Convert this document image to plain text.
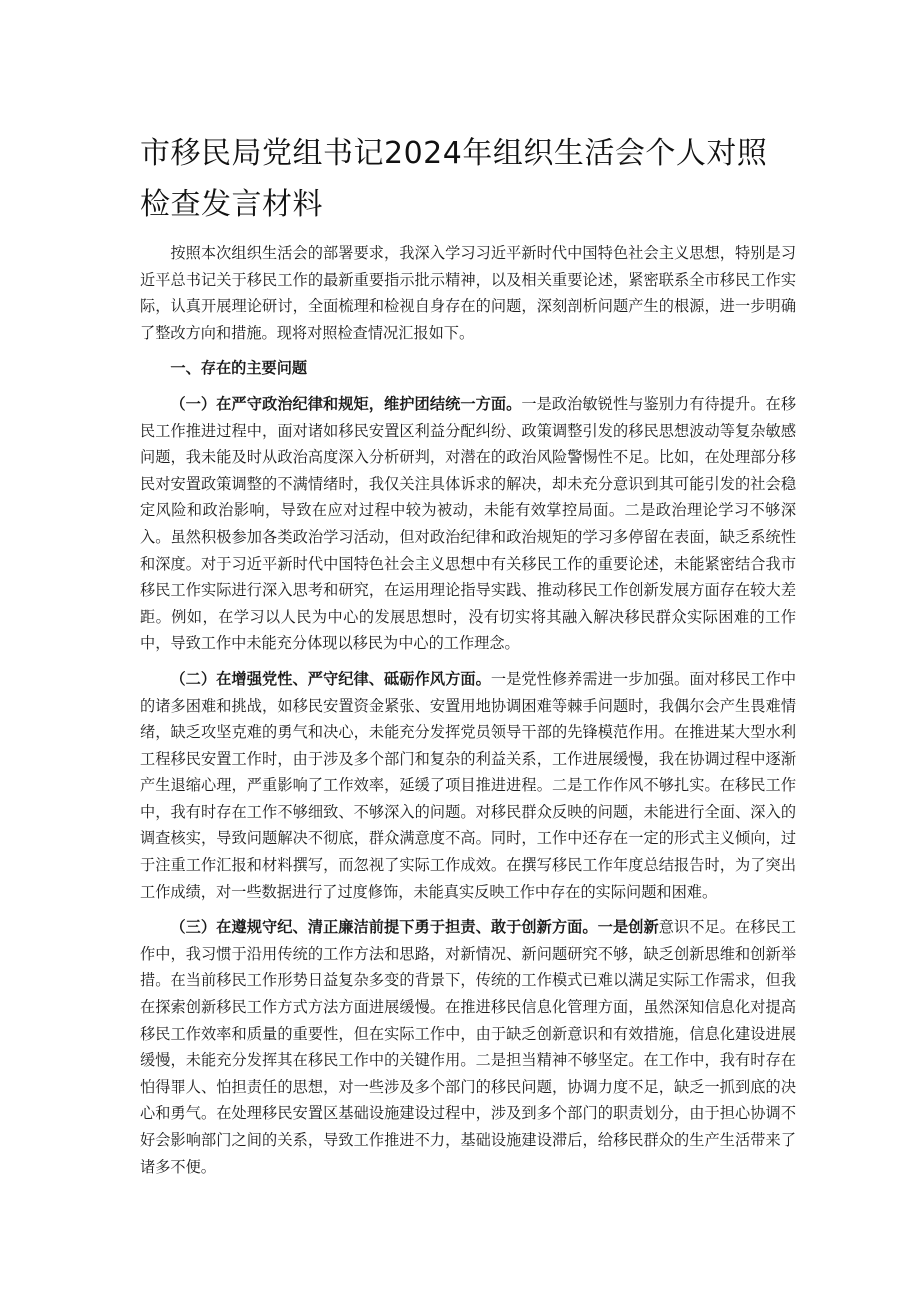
市移民局党组书记2024年组织生活会个人对照检查发言材料

按照本次组织生活会的部署要求，我深入学习习近平新时代中国特色社会主义思想，特别是习近平总书记关于移民工作的最新重要指示批示精神，以及相关重要论述，紧密联系全市移民工作实际，认真开展理论研讨，全面梳理和检视自身存在的问题，深刻剖析问题产生的根源，进一步明确了整改方向和措施。现将对照检查情况汇报如下。

一、存在的主要问题

（一）在严守政治纪律和规矩，维护团结统一方面。一是政治敏锐性与鉴别力有待提升。在移民工作推进过程中，面对诸如移民安置区利益分配纠纷、政策调整引发的移民思想波动等复杂敏感问题，我未能及时从政治高度深入分析研判，对潜在的政治风险警惕性不足。比如，在处理部分移民对安置政策调整的不满情绪时，我仅关注具体诉求的解决，却未充分意识到其可能引发的社会稳定风险和政治影响，导致在应对过程中较为被动，未能有效掌控局面。二是政治理论学习不够深入。虽然积极参加各类政治学习活动，但对政治纪律和政治规矩的学习多停留在表面，缺乏系统性和深度。对于习近平新时代中国特色社会主义思想中有关移民工作的重要论述，未能紧密结合我市移民工作实际进行深入思考和研究，在运用理论指导实践、推动移民工作创新发展方面存在较大差距。例如，在学习以人民为中心的发展思想时，没有切实将其融入解决移民群众实际困难的工作中，导致工作中未能充分体现以移民为中心的工作理念。

（二）在增强党性、严守纪律、砥砺作风方面。一是党性修养需进一步加强。面对移民工作中的诸多困难和挑战，如移民安置资金紧张、安置用地协调困难等棘手问题时，我偶尔会产生畏难情绪，缺乏攻坚克难的勇气和决心，未能充分发挥党员领导干部的先锋模范作用。在推进某大型水利工程移民安置工作时，由于涉及多个部门和复杂的利益关系，工作进展缓慢，我在协调过程中逐渐产生退缩心理，严重影响了工作效率，延缓了项目推进进程。二是工作作风不够扎实。在移民工作中，我有时存在工作不够细致、不够深入的问题。对移民群众反映的问题，未能进行全面、深入的调查核实，导致问题解决不彻底，群众满意度不高。同时，工作中还存在一定的形式主义倾向，过于注重工作汇报和材料撰写，而忽视了实际工作成效。在撰写移民工作年度总结报告时，为了突出工作成绩，对一些数据进行了过度修饰，未能真实反映工作中存在的实际问题和困难。

（三）在遵规守纪、清正廉洁前提下勇于担责、敢于创新方面。一是创新意识不足。在移民工作中，我习惯于沿用传统的工作方法和思路，对新情况、新问题研究不够，缺乏创新思维和创新举措。在当前移民工作形势日益复杂多变的背景下，传统的工作模式已难以满足实际工作需求，但我在探索创新移民工作方式方法方面进展缓慢。在推进移民信息化管理方面，虽然深知信息化对提高移民工作效率和质量的重要性，但在实际工作中，由于缺乏创新意识和有效措施，信息化建设进展缓慢，未能充分发挥其在移民工作中的关键作用。二是担当精神不够坚定。在工作中，我有时存在怕得罪人、怕担责任的思想，对一些涉及多个部门的移民问题，协调力度不足，缺乏一抓到底的决心和勇气。在处理移民安置区基础设施建设过程中，涉及到多个部门的职责划分，由于担心协调不好会影响部门之间的关系，导致工作推进不力，基础设施建设滞后，给移民群众的生产生活带来了诸多不便。
